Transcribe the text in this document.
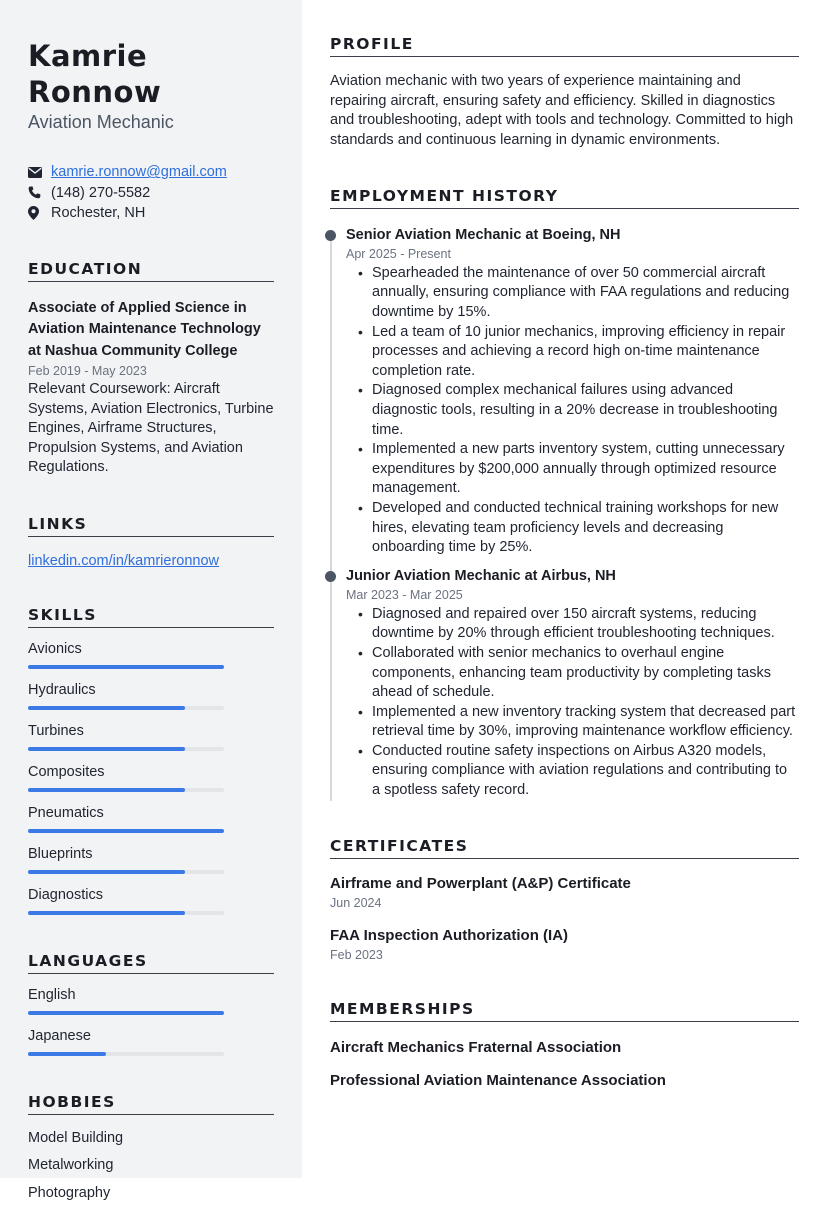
Kamrie Ronnow
Aviation Mechanic
kamrie.ronnow@gmail.com
(148) 270-5582
Rochester, NH
EDUCATION
Associate of Applied Science in Aviation Maintenance Technology at Nashua Community College
Feb 2019 - May 2023
Relevant Coursework: Aircraft Systems, Aviation Electronics, Turbine Engines, Airframe Structures, Propulsion Systems, and Aviation Regulations.
LINKS
linkedin.com/in/kamrieronnow
SKILLS
Avionics
Hydraulics
Turbines
Composites
Pneumatics
Blueprints
Diagnostics
LANGUAGES
English
Japanese
HOBBIES
Model Building
Metalworking
Photography
PROFILE

Aviation mechanic with two years of experience maintaining and repairing aircraft, ensuring safety and efficiency. Skilled in diagnostics and troubleshooting, adept with tools and technology. Committed to high standards and continuous learning in dynamic environments.

EMPLOYMENT HISTORY
Senior Aviation Mechanic at Boeing, NH
Apr 2025 - Present
• Spearheaded the maintenance of over 50 commercial aircraft annually, ensuring compliance with FAA regulations and reducing downtime by 15%.
• Led a team of 10 junior mechanics, improving efficiency in repair processes and achieving a record high on-time maintenance completion rate.
• Diagnosed complex mechanical failures using advanced diagnostic tools, resulting in a 20% decrease in troubleshooting time.
• Implemented a new parts inventory system, cutting unnecessary expenditures by $200,000 annually through optimized resource management.
• Developed and conducted technical training workshops for new hires, elevating team proficiency levels and decreasing onboarding time by 25%.
Junior Aviation Mechanic at Airbus, NH
Mar 2023 - Mar 2025
• Diagnosed and repaired over 150 aircraft systems, reducing downtime by 20% through efficient troubleshooting techniques.
• Collaborated with senior mechanics to overhaul engine components, enhancing team productivity by completing tasks ahead of schedule.
• Implemented a new inventory tracking system that decreased part retrieval time by 30%, improving maintenance workflow efficiency.
• Conducted routine safety inspections on Airbus A320 models, ensuring compliance with aviation regulations and contributing to a spotless safety record.
CERTIFICATES
Airframe and Powerplant (A&P) Certificate
Jun 2024
FAA Inspection Authorization (IA)
Feb 2023
MEMBERSHIPS
Aircraft Mechanics Fraternal Association
Professional Aviation Maintenance Association
